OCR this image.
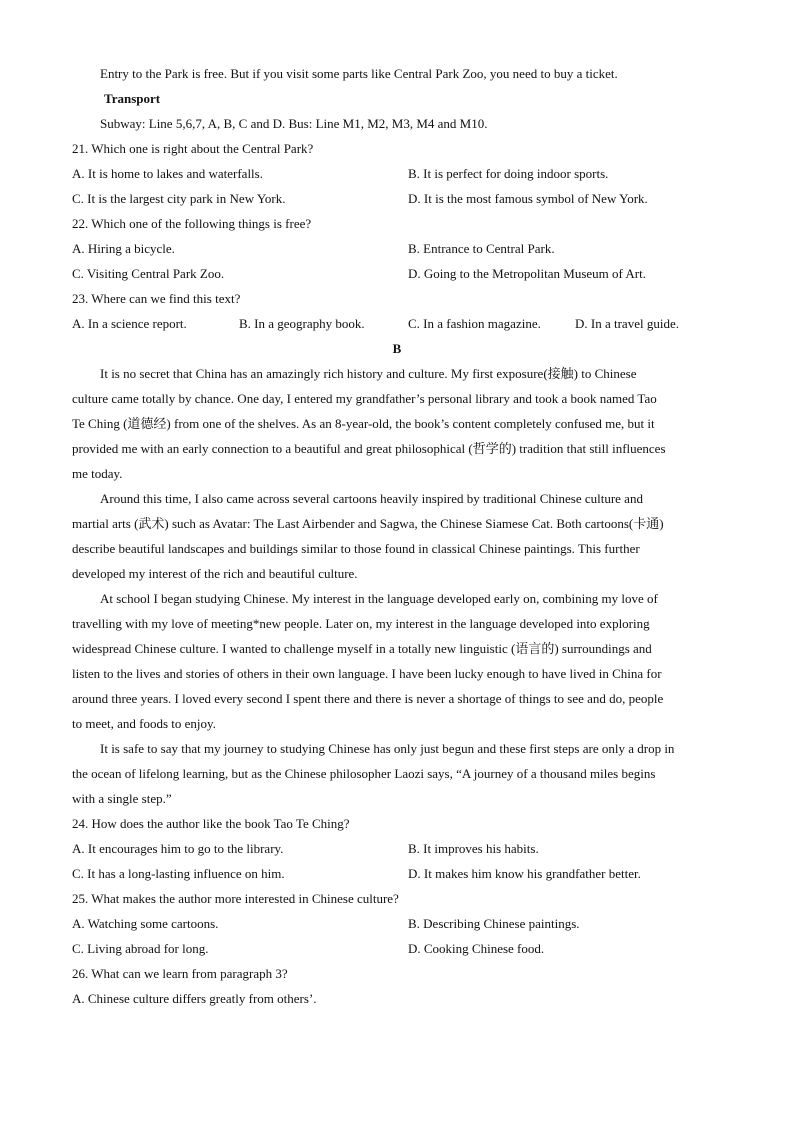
Entry to the Park is free. But if you visit some parts like Central Park Zoo, you need to buy a ticket.
Transport
Subway: Line 5,6,7, A, B, C and D. Bus: Line M1, M2, M3, M4 and M10.
21. Which one is right about the Central Park?
A. It is home to lakes and waterfalls.	B. It is perfect for doing indoor sports.
C. It is the largest city park in New York.	D. It is the most famous symbol of New York.
22. Which one of the following things is free?
A. Hiring a bicycle.	B. Entrance to Central Park.
C. Visiting Central Park Zoo.	D. Going to the Metropolitan Museum of Art.
23. Where can we find this text?
A. In a science report.	B. In a geography book.	C. In a fashion magazine.	D. In a travel guide.
B
It is no secret that China has an amazingly rich history and culture. My first exposure(接触) to Chinese
culture came totally by chance. One day, I entered my grandfather’s personal library and took a book named Tao
Te Ching (道德经) from one of the shelves. As an 8-year-old, the book’s content completely confused me, but it
provided me with an early connection to a beautiful and great philosophical (哲学的) tradition that still influences
me today.
Around this time, I also came across several cartoons heavily inspired by traditional Chinese culture and
martial arts (武术) such as Avatar: The Last Airbender and Sagwa, the Chinese Siamese Cat. Both cartoons(卡通)
describe beautiful landscapes and buildings similar to those found in classical Chinese paintings. This further
developed my interest of the rich and beautiful culture.
At school I began studying Chinese. My interest in the language developed early on, combining my love of
travelling with my love of meeting*new people. Later on, my interest in the language developed into exploring
widespread Chinese culture. I wanted to challenge myself in a totally new linguistic (语言的) surroundings and
listen to the lives and stories of others in their own language. I have been lucky enough to have lived in China for
around three years. I loved every second I spent there and there is never a shortage of things to see and do, people
to meet, and foods to enjoy.
It is safe to say that my journey to studying Chinese has only just begun and these first steps are only a drop in
the ocean of lifelong learning, but as the Chinese philosopher Laozi says, “A journey of a thousand miles begins
with a single step.”
24. How does the author like the book Tao Te Ching?
A. It encourages him to go to the library.	B. It improves his habits.
C. It has a long-lasting influence on him.	D. It makes him know his grandfather better.
25. What makes the author more interested in Chinese culture?
A. Watching some cartoons.	B. Describing Chinese paintings.
C. Living abroad for long.	D. Cooking Chinese food.
26. What can we learn from paragraph 3?
A. Chinese culture differs greatly from others’.
